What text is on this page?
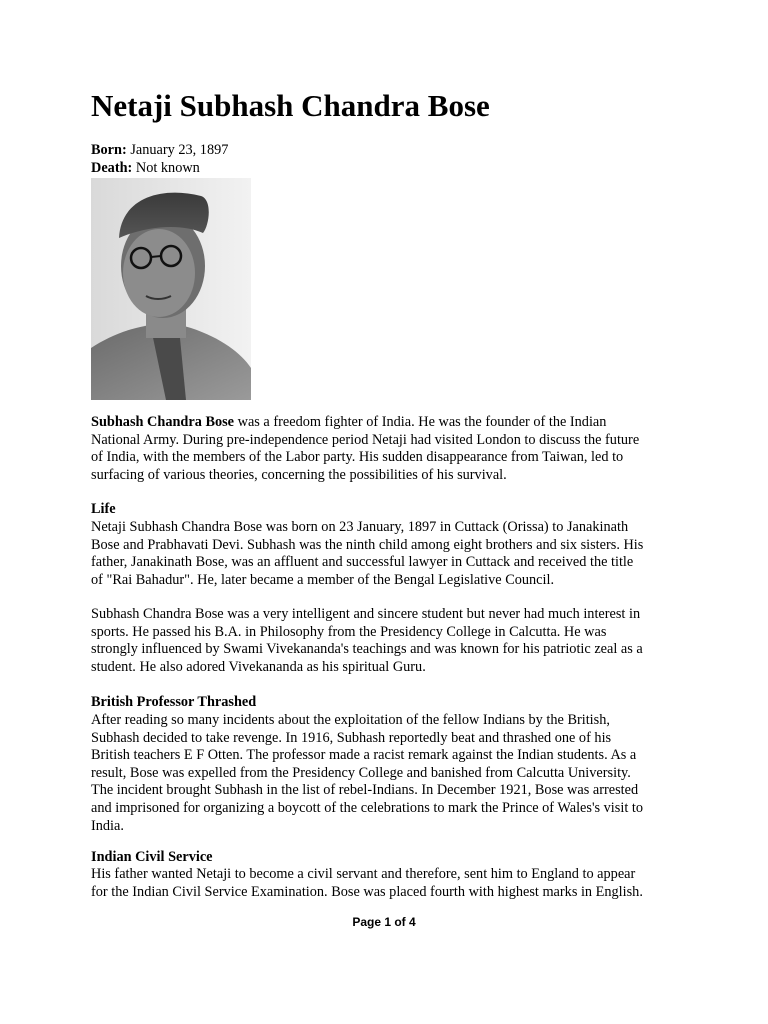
Netaji Subhash Chandra Bose
Born: January 23, 1897
Death: Not known
Subhash Chandra Bose was a freedom fighter of India. He was the founder of the Indian
National Army. During pre-independence period Netaji had visited London to discuss the future
of India, with the members of the Labor party. His sudden disappearance from Taiwan, led to
surfacing of various theories, concerning the possibilities of his survival.
Life
Netaji Subhash Chandra Bose was born on 23 January, 1897 in Cuttack (Orissa) to Janakinath
Bose and Prabhavati Devi. Subhash was the ninth child among eight brothers and six sisters. His
father, Janakinath Bose, was an affluent and successful lawyer in Cuttack and received the title
of "Rai Bahadur". He, later became a member of the Bengal Legislative Council.
Subhash Chandra Bose was a very intelligent and sincere student but never had much interest in
sports. He passed his B.A. in Philosophy from the Presidency College in Calcutta. He was
strongly influenced by Swami Vivekananda's teachings and was known for his patriotic zeal as a
student. He also adored Vivekananda as his spiritual Guru.
British Professor Thrashed
After reading so many incidents about the exploitation of the fellow Indians by the British,
Subhash decided to take revenge. In 1916, Subhash reportedly beat and thrashed one of his
British teachers E F Otten. The professor made a racist remark against the Indian students. As a
result, Bose was expelled from the Presidency College and banished from Calcutta University.
The incident brought Subhash in the list of rebel-Indians. In December 1921, Bose was arrested
and imprisoned for organizing a boycott of the celebrations to mark the Prince of Wales's visit to
India.
Indian Civil Service
His father wanted Netaji to become a civil servant and therefore, sent him to England to appear
for the Indian Civil Service Examination. Bose was placed fourth with highest marks in English.
Page 1 of 4
